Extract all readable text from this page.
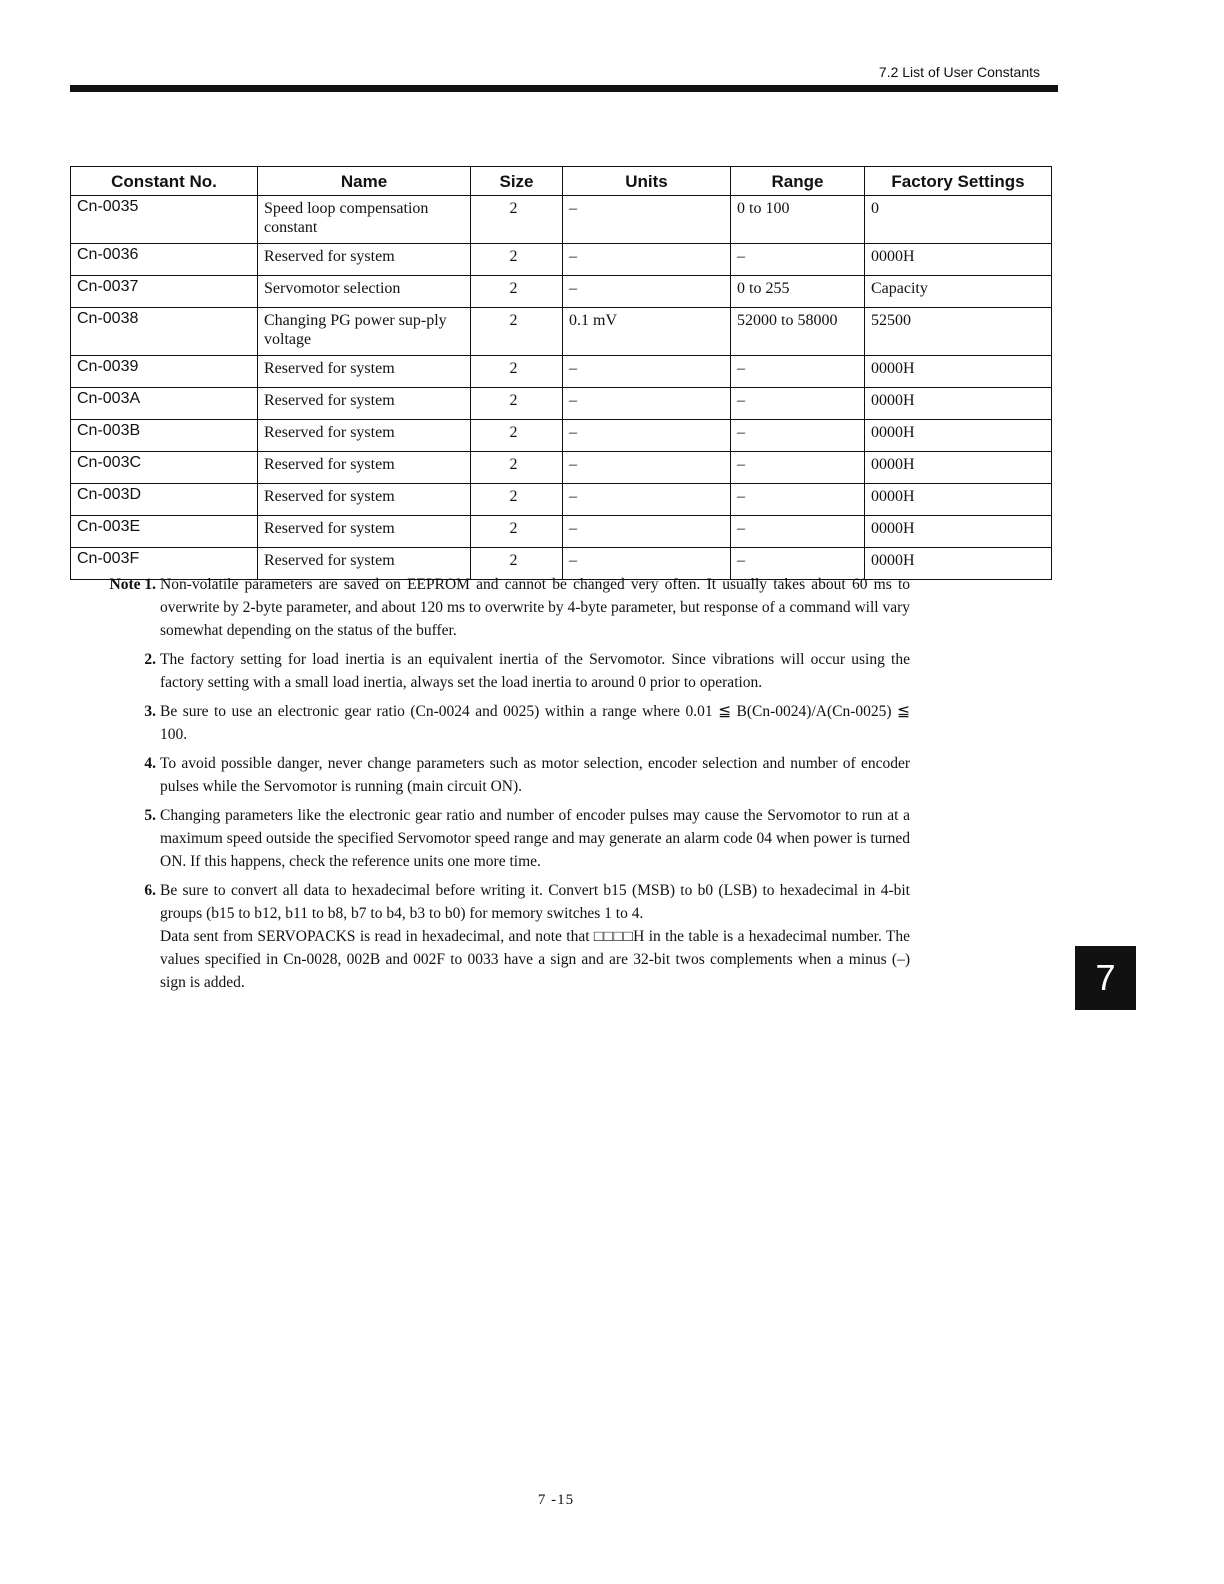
7.2 List of User Constants
Constant No.	Name	Size	Units	Range	Factory Settings
Cn-0035	Speed loop compensation constant	2	–	0 to 100	0
Cn-0036	Reserved for system	2	–	–	0000H
Cn-0037	Servomotor selection	2	–	0 to 255	Capacity
Cn-0038	Changing PG power sup-ply voltage	2	0.1 mV	52000 to 58000	52500
Cn-0039	Reserved for system	2	–	–	0000H
Cn-003A	Reserved for system	2	–	–	0000H
Cn-003B	Reserved for system	2	–	–	0000H
Cn-003C	Reserved for system	2	–	–	0000H
Cn-003D	Reserved for system	2	–	–	0000H
Cn-003E	Reserved for system	2	–	–	0000H
Cn-003F	Reserved for system	2	–	–	0000H
Note 1. Non-volatile parameters are saved on EEPROM and cannot be changed very often. It usually takes about 60 ms to overwrite by 2-byte parameter, and about 120 ms to overwrite by 4-byte parameter, but response of a command will vary somewhat depending on the status of the buffer.
2. The factory setting for load inertia is an equivalent inertia of the Servomotor. Since vibrations will occur using the factory setting with a small load inertia, always set the load inertia to around 0 prior to operation.
3. Be sure to use an electronic gear ratio (Cn-0024 and 0025) within a range where 0.01 ≦ B(Cn-0024)/A(Cn-0025) ≦ 100.
4. To avoid possible danger, never change parameters such as motor selection, encoder selection and number of encoder pulses while the Servomotor is running (main circuit ON).
5. Changing parameters like the electronic gear ratio and number of encoder pulses may cause the Servomotor to run at a maximum speed outside the specified Servomotor speed range and may generate an alarm code 04 when power is turned ON. If this happens, check the reference units one more time.
6. Be sure to convert all data to hexadecimal before writing it. Convert b15 (MSB) to b0 (LSB) to hexadecimal in 4-bit groups (b15 to b12, b11 to b8, b7 to b4, b3 to b0) for memory switches 1 to 4.
Data sent from SERVOPACKS is read in hexadecimal, and note that □□□□H in the table is a hexadecimal number. The values specified in Cn-0028, 002B and 002F to 0033 have a sign and are 32-bit twos complements when a minus (–) sign is added.	7
7 -15
